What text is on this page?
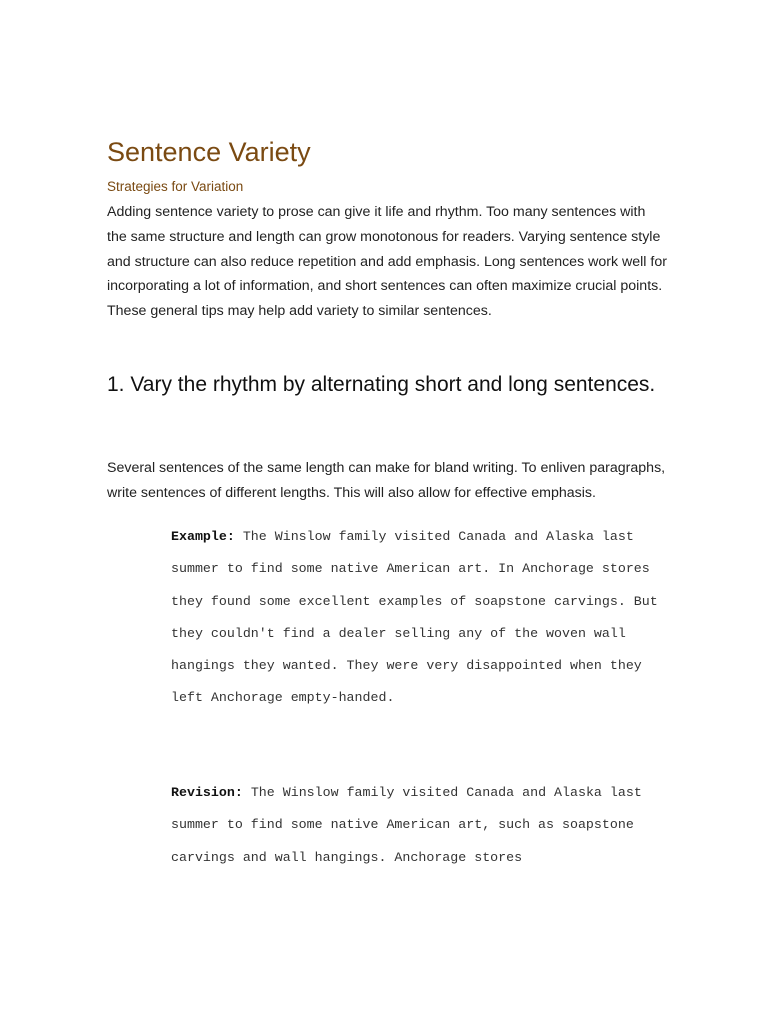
Sentence Variety
Strategies for Variation

Adding sentence variety to prose can give it life and rhythm. Too many sentences with the same structure and length can grow monotonous for readers. Varying sentence style and structure can also reduce repetition and add emphasis. Long sentences work well for incorporating a lot of information, and short sentences can often maximize crucial points. These general tips may help add variety to similar sentences.

1. Vary the rhythm by alternating short and long sentences.

Several sentences of the same length can make for bland writing. To enliven paragraphs, write sentences of different lengths. This will also allow for effective emphasis.

Example: The Winslow family visited Canada and Alaska last summer to find some native American art. In Anchorage stores they found some excellent examples of soapstone carvings. But they couldn't find a dealer selling any of the woven wall hangings they wanted. They were very disappointed when they left Anchorage empty-handed.
Revision: The Winslow family visited Canada and Alaska last summer to find some native American art, such as soapstone carvings and wall hangings. Anchorage stores
